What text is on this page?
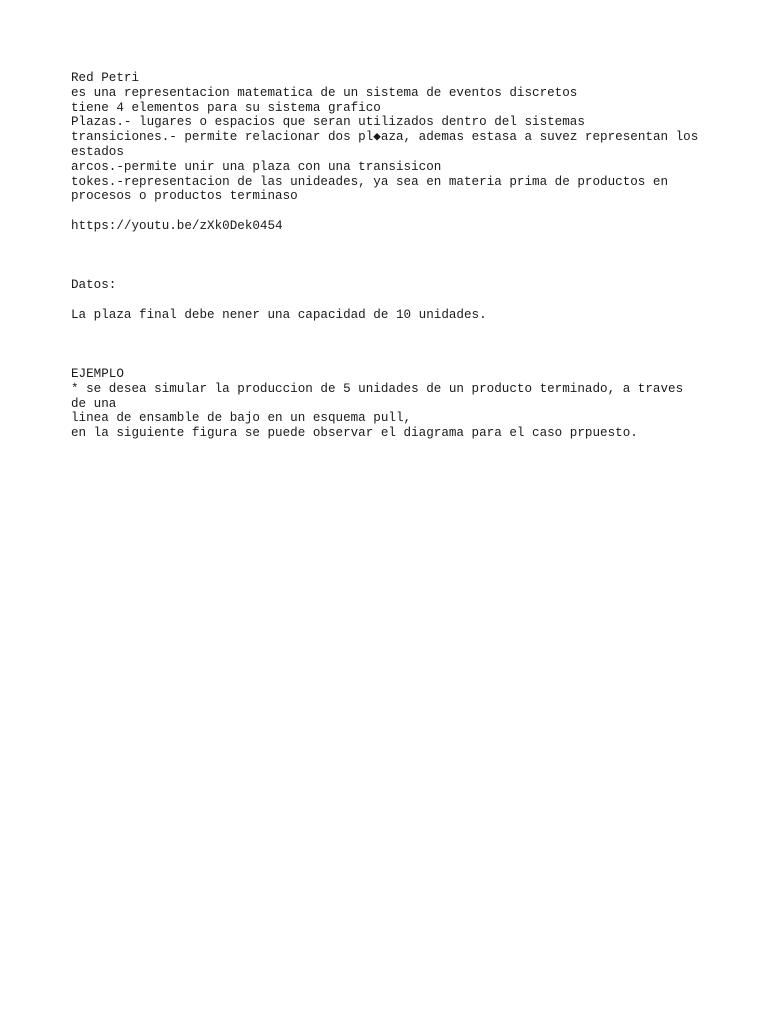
Red Petri
es una representacion matematica de un sistema de eventos discretos
tiene 4 elementos para su sistema grafico
Plazas.- lugares o espacios que seran utilizados dentro del sistemas
transiciones.- permite relacionar dos pl◆aza, ademas estasa a suvez representan los
estados
arcos.-permite unir una plaza con una transisicon
tokes.-representacion de las unideades, ya sea en materia prima de productos en
procesos o productos terminaso
https://youtu.be/zXk0Dek0454
Datos:
La plaza final debe nener una capacidad de 10 unidades.
EJEMPLO
* se desea simular la produccion de 5 unidades de un producto terminado, a traves
de una
linea de ensamble de bajo en un esquema pull,
en la siguiente figura se puede observar el diagrama para el caso prpuesto.
